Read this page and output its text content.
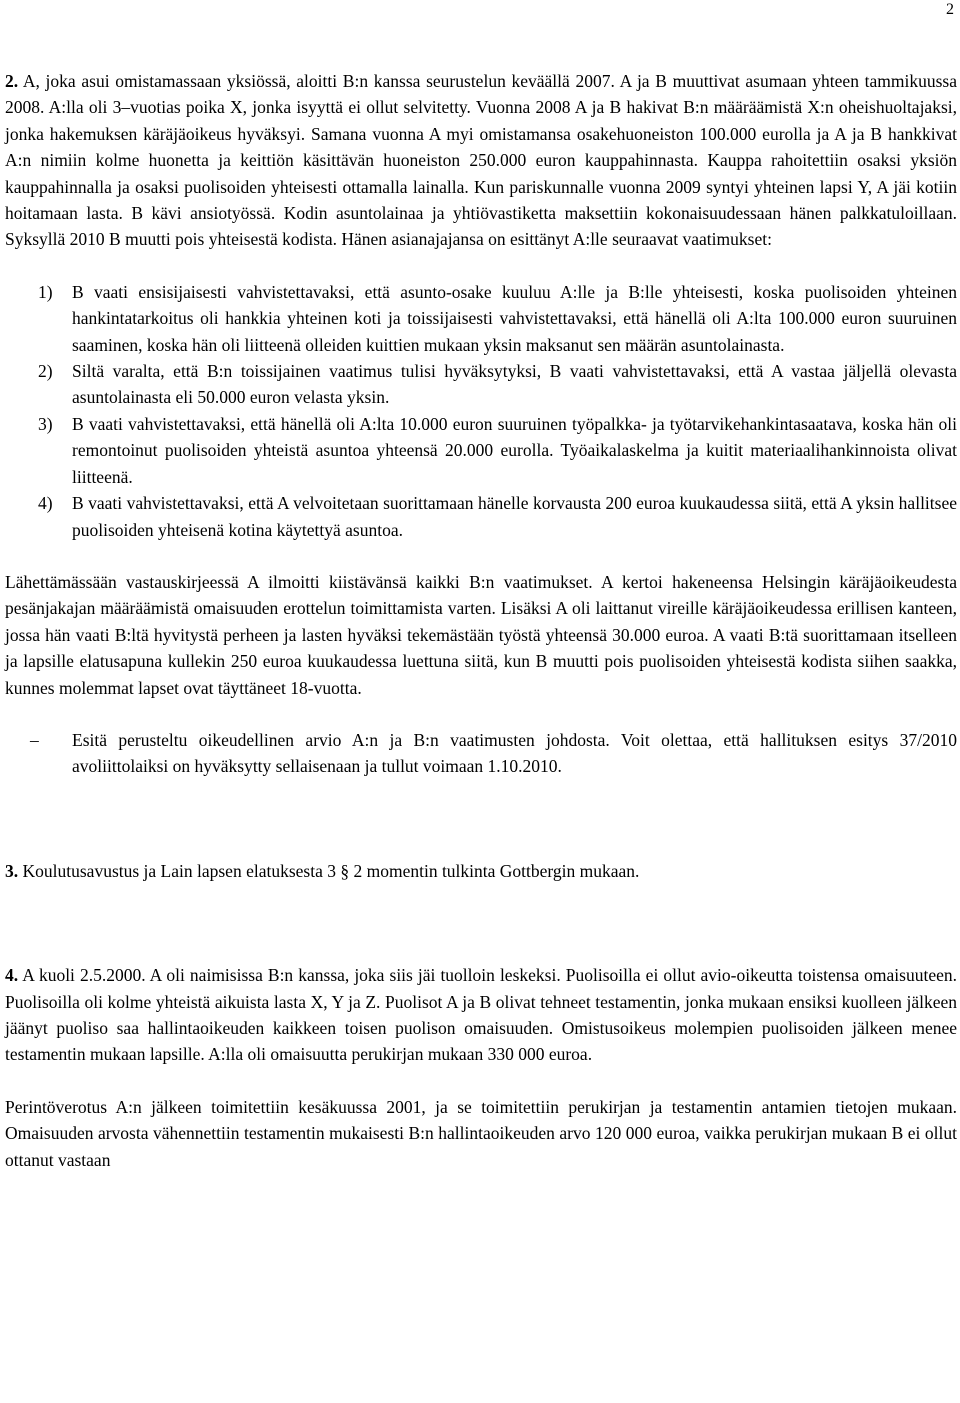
2

2. A, joka asui omistamassaan yksiössä, aloitti B:n kanssa seurustelun keväällä 2007. A ja B muuttivat asumaan yhteen tammikuussa 2008. A:lla oli 3–vuotias poika X, jonka isyyttä ei ollut selvitetty. Vuonna 2008 A ja B hakivat B:n määräämistä X:n oheishuoltajaksi, jonka hakemuksen käräjäoikeus hyväksyi. Samana vuonna A myi omistamansa osakehuoneiston 100.000 eurolla ja A ja B hankkivat A:n nimiin kolme huonetta ja keittiön käsittävän huoneiston 250.000 euron kauppahinnasta. Kauppa rahoitettiin osaksi yksiön kauppahinnalla ja osaksi puolisoiden yhteisesti ottamalla lainalla. Kun pariskunnalle vuonna 2009 syntyi yhteinen lapsi Y, A jäi kotiin hoitamaan lasta. B kävi ansiotyössä. Kodin asuntolainaa ja yhtiövastiketta maksettiin kokonaisuudessaan hänen palkkatuloillaan. Syksyllä 2010 B muutti pois yhteisestä kodista. Hänen asianajajansa on esittänyt A:lle seuraavat vaatimukset:

1) B vaati ensisijaisesti vahvistettavaksi, että asunto-osake kuuluu A:lle ja B:lle yhteisesti, koska puolisoiden yhteinen hankintatarkoitus oli hankkia yhteinen koti ja toissijaisesti vahvistettavaksi, että hänellä oli A:lta 100.000 euron suuruinen saaminen, koska hän oli liitteenä olleiden kuittien mukaan yksin maksanut sen määrän asuntolainasta.
2) Siltä varalta, että B:n toissijainen vaatimus tulisi hyväksytyksi, B vaati vahvistettavaksi, että A vastaa jäljellä olevasta asuntolainasta eli 50.000 euron velasta yksin.
3) B vaati vahvistettavaksi, että hänellä oli A:lta 10.000 euron suuruinen työpalkka- ja työtarvikehankintasaatava, koska hän oli remontoinut puolisoiden yhteistä asuntoa yhteensä 20.000 eurolla. Työaikalaskelma ja kuitit materiaalihankinnoista olivat liitteenä.
4) B vaati vahvistettavaksi, että A velvoitetaan suorittamaan hänelle korvausta 200 euroa kuukaudessa siitä, että A yksin hallitsee puolisoiden yhteisenä kotina käytettyä asuntoa.

Lähettämässään vastauskirjeessä A ilmoitti kiistävänsä kaikki B:n vaatimukset. A kertoi hakeneensa Helsingin käräjäoikeudesta pesänjakajan määräämistä omaisuuden erottelun toimittamista varten. Lisäksi A oli laittanut vireille käräjäoikeudessa erillisen kanteen, jossa hän vaati B:ltä hyvitystä perheen ja lasten hyväksi tekemästään työstä yhteensä 30.000 euroa. A vaati B:tä suorittamaan itselleen ja lapsille elatusapuna kullekin 250 euroa kuukaudessa luettuna siitä, kun B muutti pois puolisoiden yhteisestä kodista siihen saakka, kunnes molemmat lapset ovat täyttäneet 18-vuotta.

– Esitä perusteltu oikeudellinen arvio A:n ja B:n vaatimusten johdosta. Voit olettaa, että hallituksen esitys 37/2010 avoliittolaiksi on hyväksytty sellaisenaan ja tullut voimaan 1.10.2010.

3. Koulutusavustus ja Lain lapsen elatuksesta 3 § 2 momentin tulkinta Gottbergin mukaan.

4. A kuoli 2.5.2000. A oli naimisissa B:n kanssa, joka siis jäi tuolloin leskeksi. Puolisoilla ei ollut avio-oikeutta toistensa omaisuuteen. Puolisoilla oli kolme yhteistä aikuista lasta X, Y ja Z. Puolisot A ja B olivat tehneet testamentin, jonka mukaan ensiksi kuolleen jälkeen jäänyt puoliso saa hallintaoikeuden kaikkeen toisen puolison omaisuuden. Omistusoikeus molempien puolisoiden jälkeen menee testamentin mukaan lapsille. A:lla oli omaisuutta perukirjan mukaan 330 000 euroa.

Perintöverotus A:n jälkeen toimitettiin kesäkuussa 2001, ja se toimitettiin perukirjan ja testamentin antamien tietojen mukaan. Omaisuuden arvosta vähennettiin testamentin mukaisesti B:n hallintaoikeuden arvo 120 000 euroa, vaikka perukirjan mukaan B ei ollut ottanut vastaan
